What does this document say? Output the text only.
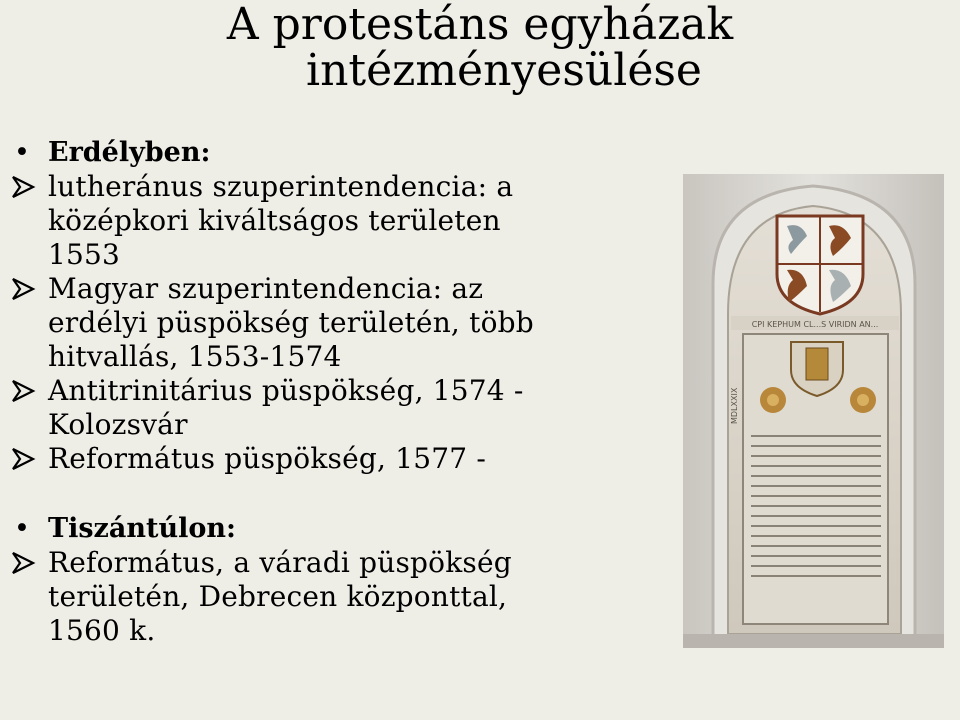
A protestáns egyházak

intézményesülése

• Erdélyben:

lutheránus szuperintendencia: a
középkori kiváltságos területen
1553
Magyar szuperintendencia: az
erdélyi püspökség területén, több
hitvallás, 1553-1574
Antitrinitárius püspökség, 1574 -
Kolozsvár
Református püspökség, 1577 -

• Tiszántúlon:

Református, a váradi püspökség
területén, Debrecen központtal,
1560 k.
CPI KEPHUM CL...S VIRIDN AN...
MDLXXIX
